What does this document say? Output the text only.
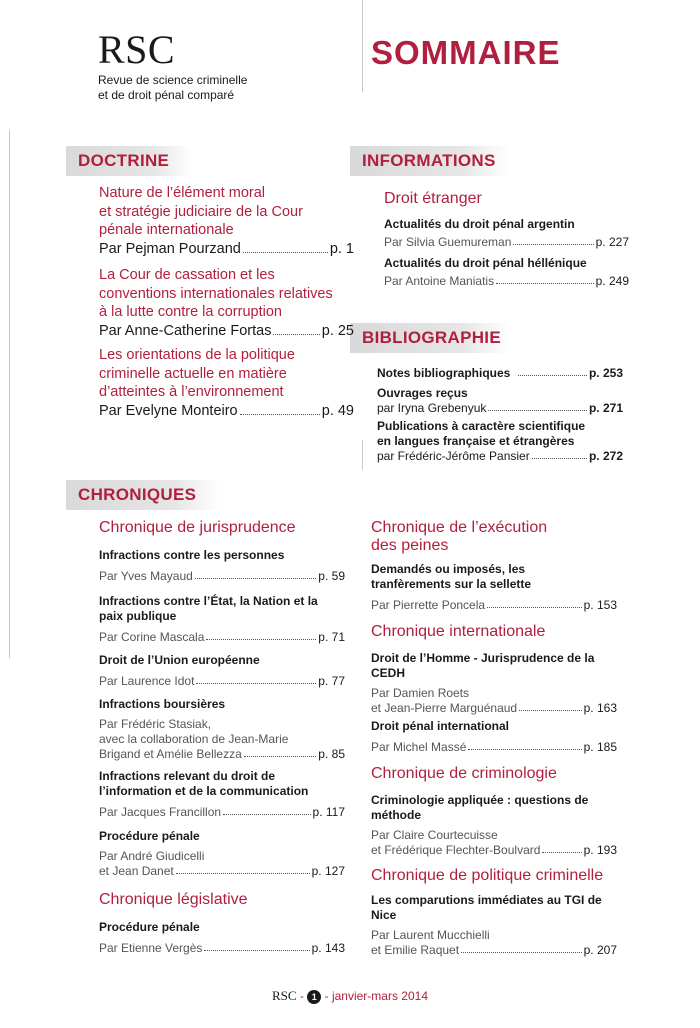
RSC
Revue de science criminelle
et de droit pénal comparé
SOMMAIRE
DOCTRINE	INFORMATIONS
BIBLIOGRAPHIE
CHRONIQUES
Nature de l’élément moral
et stratégie judiciaire de la Cour
pénale internationale
Par Pejman Pourzand	p. 1
La Cour de cassation et les
conventions internationales relatives
à la lutte contre la corruption
Par Anne-Catherine Fortas	p. 25
Les orientations de la politique
criminelle actuelle en matière
d’atteintes à l’environnement
Par Evelyne Monteiro	p. 49
Droit étranger
Actualités du droit pénal argentin
Par Silvia Guemureman	p. 227
Actualités du droit pénal héllénique
Par Antoine Maniatis	p. 249
Notes bibliographiques	p. 253
Ouvrages reçus
par Iryna Grebenyuk	p. 271
Publications à caractère scientifique
en langues française et étrangères
par Frédéric-Jérôme Pansier	p. 272
Chronique de jurisprudence
Infractions contre les personnes
Par Yves Mayaud	p. 59
Infractions contre l’État, la Nation et la
paix publique
Par Corine Mascala	p. 71
Droit de l’Union européenne
Par Laurence Idot	p. 77
Infractions boursières
Par Frédéric Stasiak,
avec la collaboration de Jean-Marie
Brigand et Amélie Bellezza	p. 85
Infractions relevant du droit de
l’information et de la communication
Par Jacques Francillon	p. 117
Procédure pénale
Par André Giudicelli
et Jean Danet	p. 127
Chronique législative
Procédure pénale
Par Etienne Vergès	p. 143
Chronique de l’exécution
des peines
Demandés ou imposés, les
tranfèrements sur la sellette
Par Pierrette Poncela	p. 153
Chronique internationale
Droit de l’Homme - Jurisprudence de la
CEDH
Par Damien Roets
et Jean-Pierre Marguénaud	p. 163
Droit pénal international
Par Michel Massé	p. 185
Chronique de criminologie
Criminologie appliquée : questions de
méthode
Par Claire Courtecuisse
et Frédérique Flechter-Boulvard	p. 193
Chronique de politique criminelle
Les comparutions immédiates au TGI de
Nice
Par Laurent Mucchielli
et Emilie Raquet	p. 207
RSC - 1 - janvier-mars 2014
